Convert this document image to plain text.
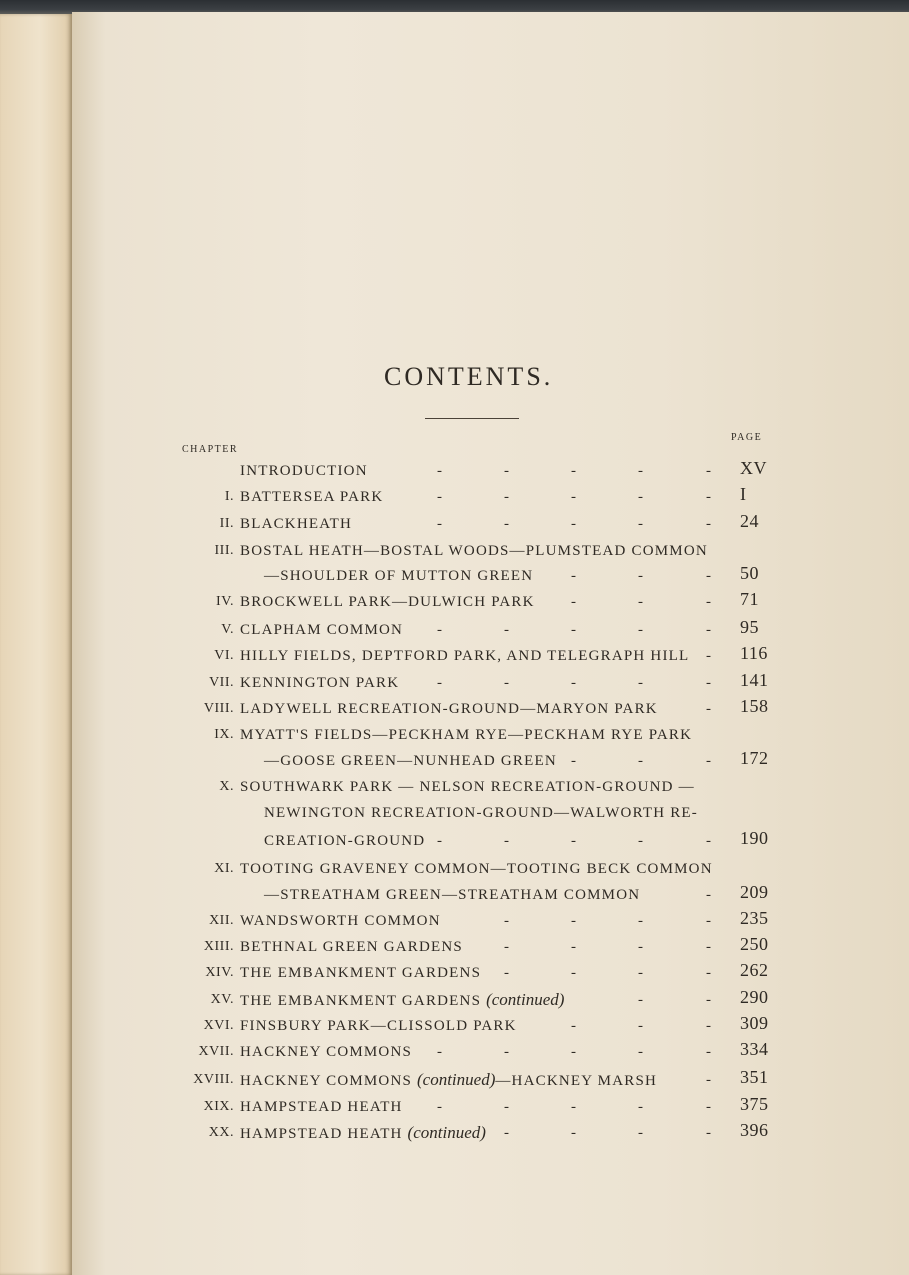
CONTENTS.
CHAPTER
PAGE
INTRODUCTION	-	-	-	-	- XV
I. BATTERSEA PARK	-	-	-	-	- I
II. BLACKHEATH	-	-	-	-	- 24
III. BOSTAL HEATH—BOSTAL WOODS—PLUMSTEAD COMMON
—SHOULDER OF MUTTON GREEN	-	-	- 50
IV. BROCKWELL PARK—DULWICH PARK -	-	- 71
V. CLAPHAM COMMON -	-	-	-	- 95
VI. HILLY FIELDS, DEPTFORD PARK, AND TELEGRAPH HILL - 116
VII. KENNINGTON PARK	-	-	-	-	- 141
VIII. LADYWELL RECREATION-GROUND—MARYON PARK	- 158
IX. MYATT'S FIELDS—PECKHAM RYE—PECKHAM RYE PARK
—GOOSE GREEN—NUNHEAD GREEN -	-	- 172
X. SOUTHWARK PARK — NELSON RECREATION-GROUND —
NEWINGTON RECREATION-GROUND—WALWORTH RE-
CREATION-GROUND -	-	-	-	- 190
XI. TOOTING GRAVENEY COMMON—TOOTING BECK COMMON
—STREATHAM GREEN—STREATHAM COMMON	- 209
XII. WANDSWORTH COMMON	-	-	-	- 235
XIII. BETHNAL GREEN GARDENS	-	-	-	- 250
XIV. THE EMBANKMENT GARDENS -	-	-	- 262
XV. THE EMBANKMENT GARDENS (continued)	-	- 290
XVI. FINSBURY PARK—CLISSOLD PARK	-	-	- 309
XVII. HACKNEY COMMONS -	-	-	-	- 334
XVIII. HACKNEY COMMONS (continued)—HACKNEY MARSH	- 351
XIX. HAMPSTEAD HEATH -	-	-	-	- 375
XX. HAMPSTEAD HEATH (continued) -	-	-	- 396
